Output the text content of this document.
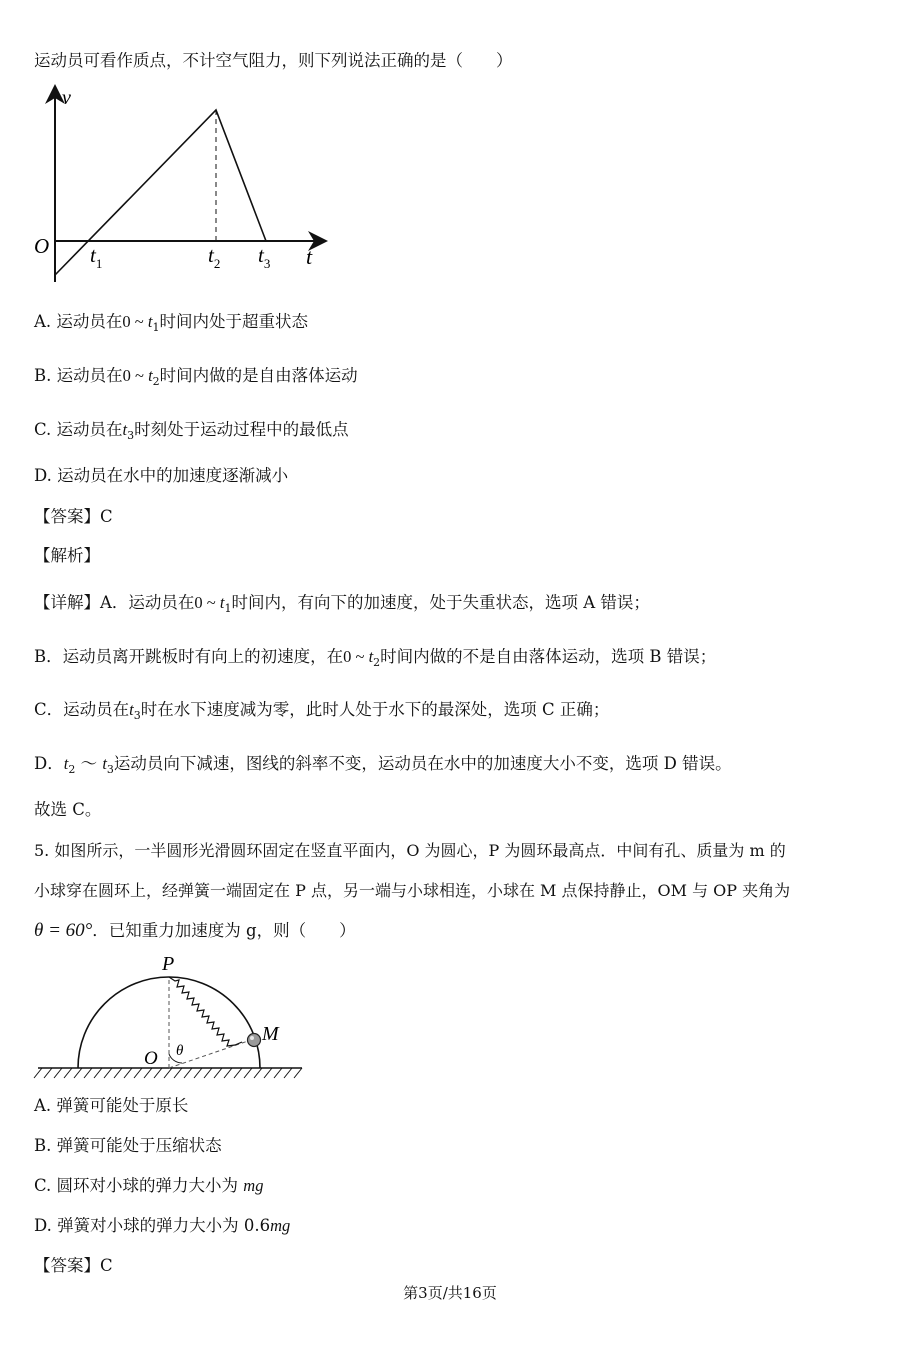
运动员可看作质点，不计空气阻力，则下列说法正确的是（　　）
v
t
O $t_1$	$t_2$ $t_3$
A. 运动员在0 ~ $t_1$时间内处于超重状态
B. 运动员在0 ~ $t_2$时间内做的是自由落体运动
C. 运动员在$t_3$时刻处于运动过程中的最低点
D. 运动员在水中的加速度逐渐减小
【答案】C
【解析】
【详解】A．运动员在0 ~ $t_1$时间内，有向下的加速度，处于失重状态，选项 A 错误；
B．运动员离开跳板时有向上的初速度，在0 ~ $t_2$时间内做的不是自由落体运动，选项 B 错误；
C．运动员在$t_3$时在水下速度减为零，此时人处于水下的最深处，选项 C 正确；
D．$t_2$ ～ $t_3$运动员向下减速，图线的斜率不变，运动员在水中的加速度大小不变，选项 D 错误。
故选 C。
5. 如图所示，一半圆形光滑圆环固定在竖直平面内，O 为圆心，P 为圆环最高点．中间有孔、质量为 m 的
小球穿在圆环上，经弹簧一端固定在 P 点，另一端与小球相连，小球在 M 点保持静止，OM 与 OP 夹角为
θ = 60°．已知重力加速度为 g，则（　　）
P
M
O θ
A. 弹簧可能处于原长
B. 弹簧可能处于压缩状态
C. 圆环对小球的弹力大小为 mg
D. 弹簧对小球的弹力大小为 0.6mg
【答案】C
第3页/共16页
